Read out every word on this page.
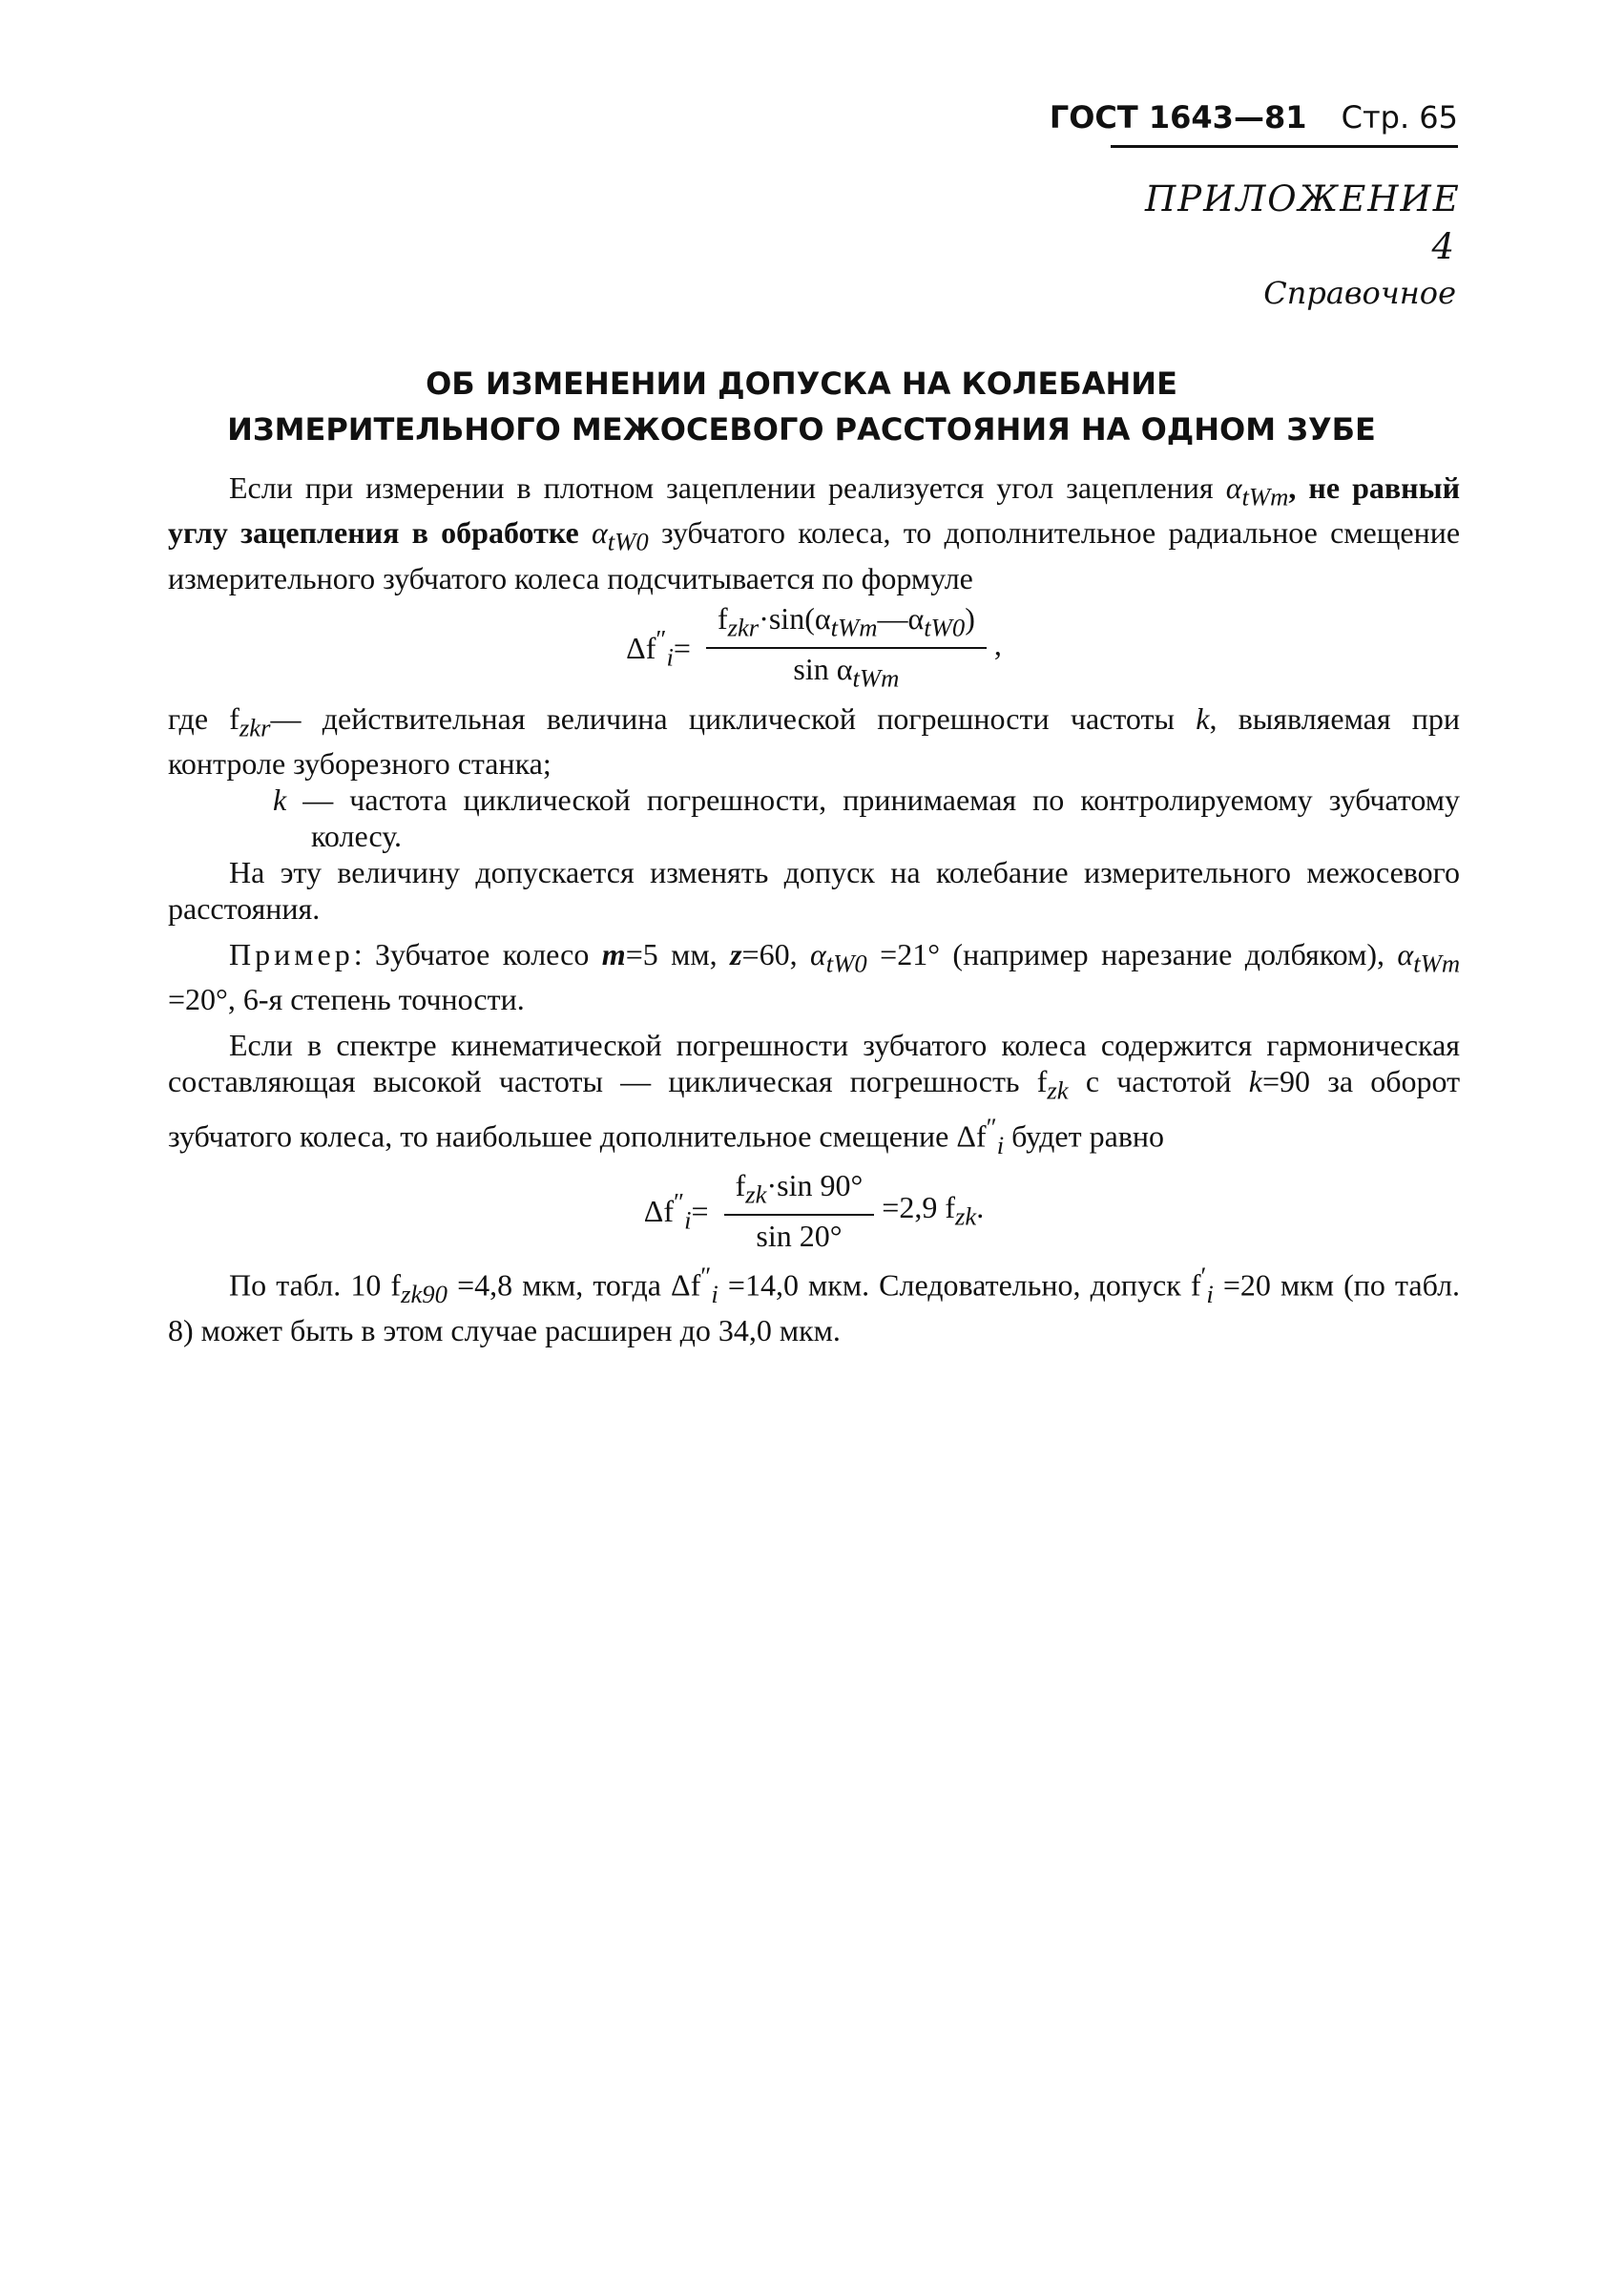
ГОСТ 1643—81 Стр. 65
ПРИЛОЖЕНИЕ 4
Справочное
ОБ ИЗМЕНЕНИИ ДОПУСКА НА КОЛЕБАНИЕ
ИЗМЕРИТЕЛЬНОГО МЕЖОСЕВОГО РАССТОЯНИЯ НА ОДНОМ ЗУБЕ

Если при измерении в плотном зацеплении реализуется угол зацепления $\alpha_{tWm}$, не равный углу зацепления в обработке $\alpha_{tW0}$ зубчатого колеса, то дополнительное радиальное смещение измерительного зубчатого колеса подсчитывается по формуле

$\Delta f''_i= \frac{f_{zkr}\cdot\sin(\alpha_{tWm}—\alpha_{tW0})}{\sin \alpha_{tWm}}$ ,

где $f_{zkr}—$ действительная величина циклической погрешности частоты k, выявляемая при контроле зуборезного станка;

k — частота циклической погрешности, принимаемая по контролируемому зубчатому колесу.

На эту величину допускается изменять допуск на колебание измерительного межосевого расстояния.

Пример: Зубчатое колесо m=5 мм, z=60, $\alpha_{tW0} =21^\circ$ (например нарезание долбяком), $\alpha_{tWm} =20^\circ$, 6-я степень точности.

Если в спектре кинематической погрешности зубчатого колеса содержится гармоническая составляющая высокой частоты — циклическая погрешность $f_{zk}$ с частотой k=90 за оборот зубчатого колеса, то наибольшее дополнительное смещение $\Delta f''_i$ будет равно

$\Delta f''_i= \frac{f_{zk}\cdot\sin 90^\circ}{\sin 20^\circ} =2,9$ $f_{zk}$.

По табл. 10 $f_{zk90} =4,8$ мкм, тогда $\Delta f''_i =14,0$ мкм. Следовательно, допуск $f'_i =20$ мкм (по табл. 8) может быть в этом случае расширен до 34,0 мкм.
